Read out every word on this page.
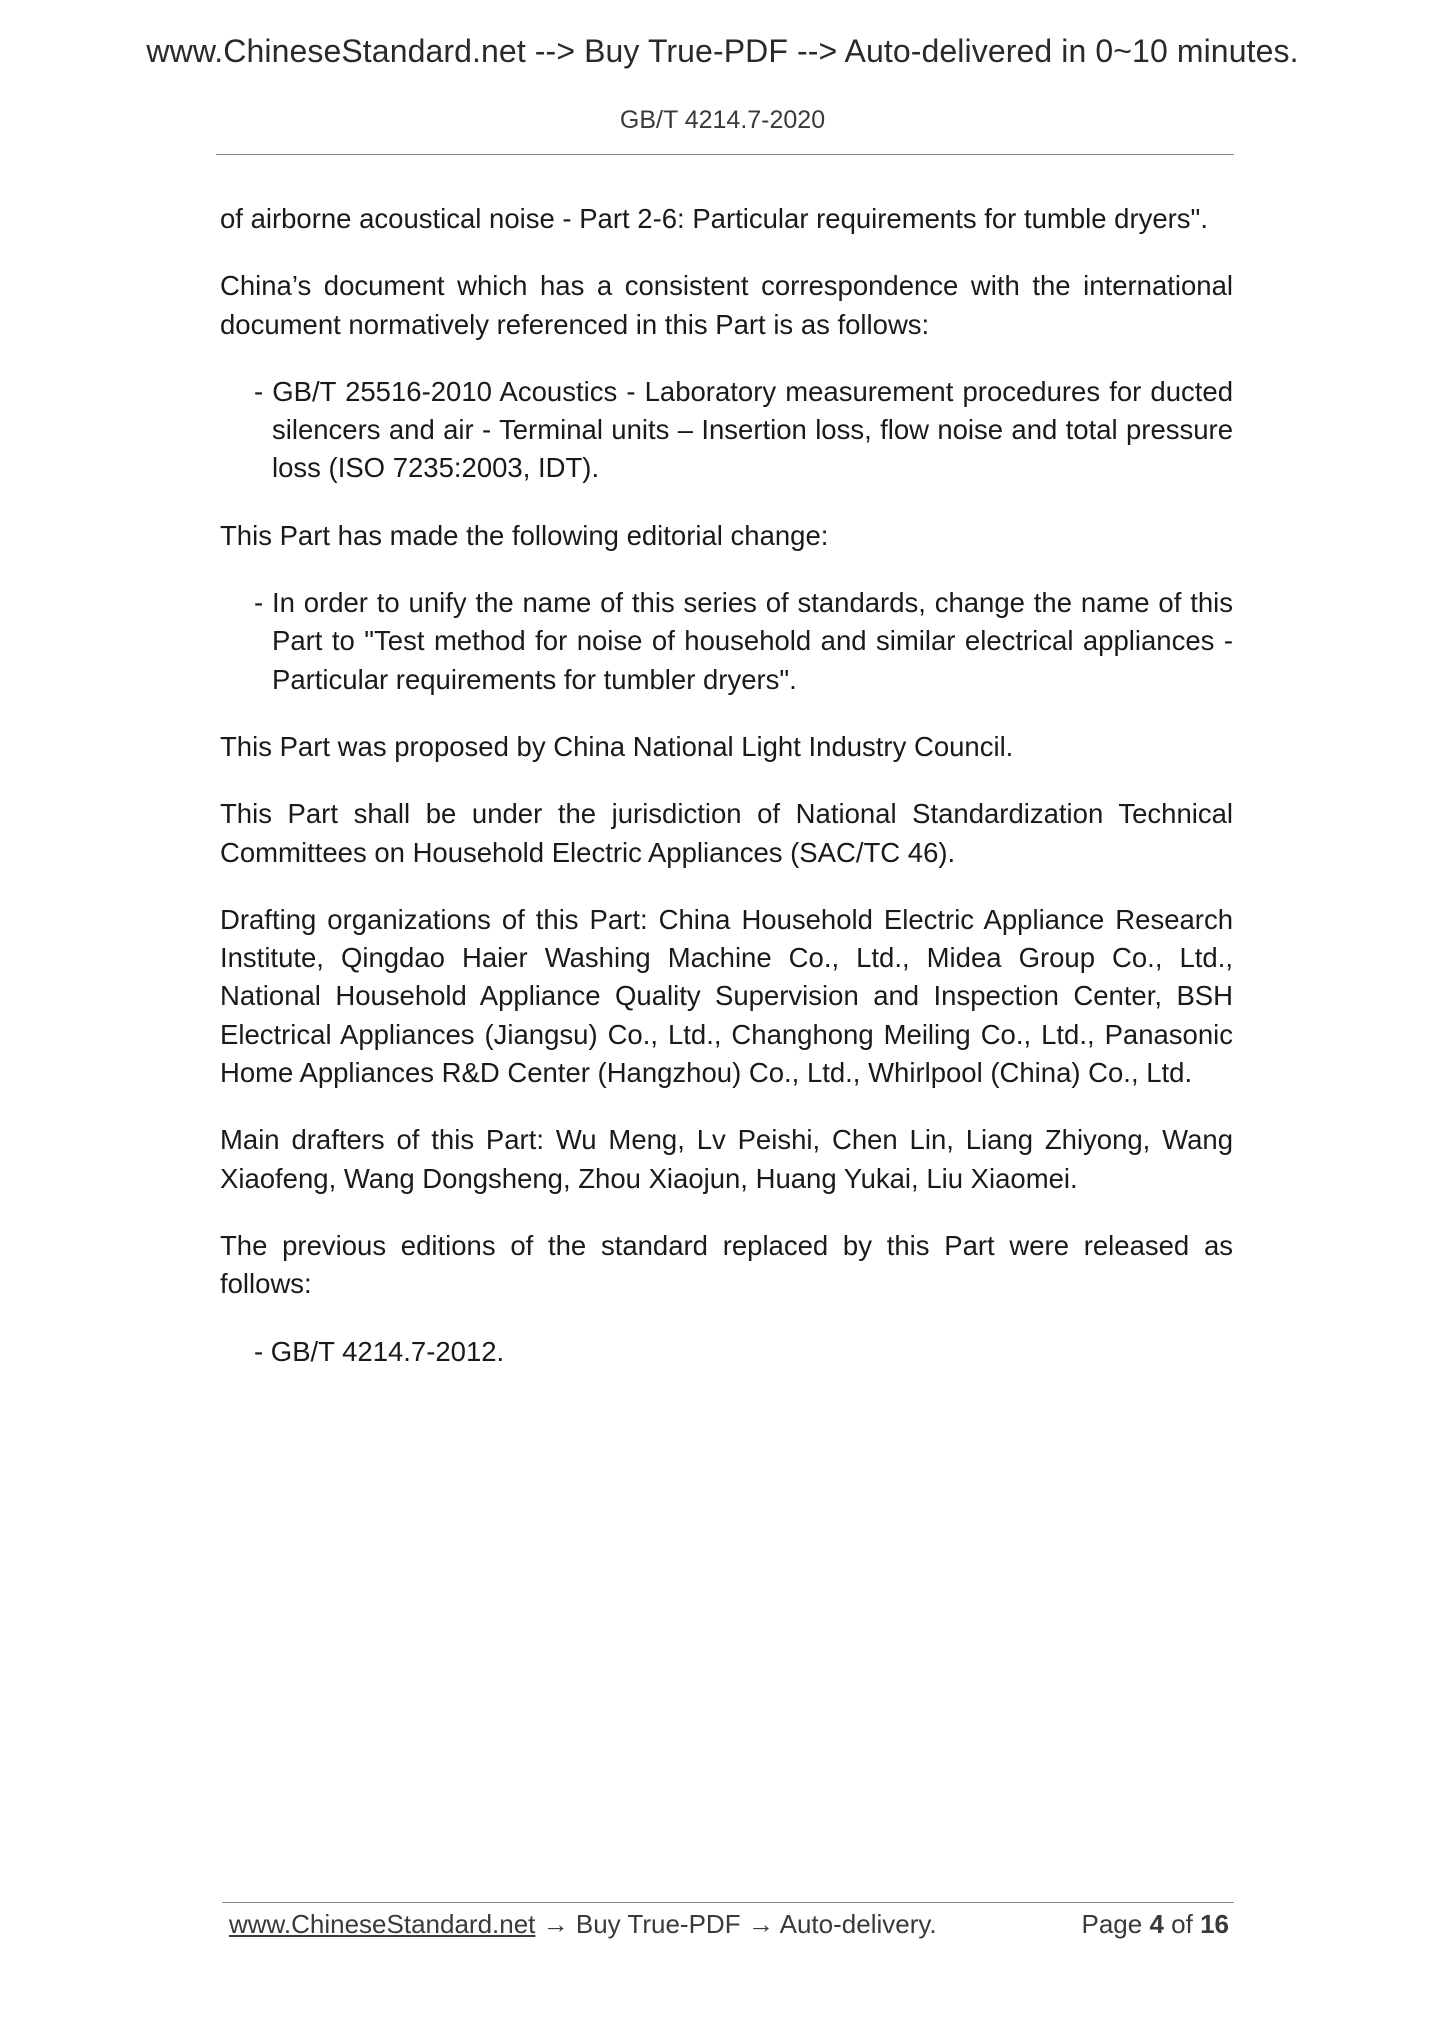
www.ChineseStandard.net --> Buy True-PDF --> Auto-delivered in 0~10 minutes.
GB/T 4214.7-2020

of airborne acoustical noise - Part 2-6: Particular requirements for tumble dryers".

China’s document which has a consistent correspondence with the international document normatively referenced in this Part is as follows:

- GB/T 25516-2010 Acoustics - Laboratory measurement procedures for ducted silencers and air - Terminal units – Insertion loss, flow noise and total pressure loss (ISO 7235:2003, IDT).

This Part has made the following editorial change:

- In order to unify the name of this series of standards, change the name of this Part to "Test method for noise of household and similar electrical appliances - Particular requirements for tumbler dryers".

This Part was proposed by China National Light Industry Council.

This Part shall be under the jurisdiction of National Standardization Technical Committees on Household Electric Appliances (SAC/TC 46).

Drafting organizations of this Part: China Household Electric Appliance Research Institute, Qingdao Haier Washing Machine Co., Ltd., Midea Group Co., Ltd., National Household Appliance Quality Supervision and Inspection Center, BSH Electrical Appliances (Jiangsu) Co., Ltd., Changhong Meiling Co., Ltd., Panasonic Home Appliances R&D Center (Hangzhou) Co., Ltd., Whirlpool (China) Co., Ltd.

Main drafters of this Part: Wu Meng, Lv Peishi, Chen Lin, Liang Zhiyong, Wang Xiaofeng, Wang Dongsheng, Zhou Xiaojun, Huang Yukai, Liu Xiaomei.

The previous editions of the standard replaced by this Part were released as follows:

- GB/T 4214.7-2012.

www.ChineseStandard.net → Buy True-PDF → Auto-delivery.	Page 4 of 16
